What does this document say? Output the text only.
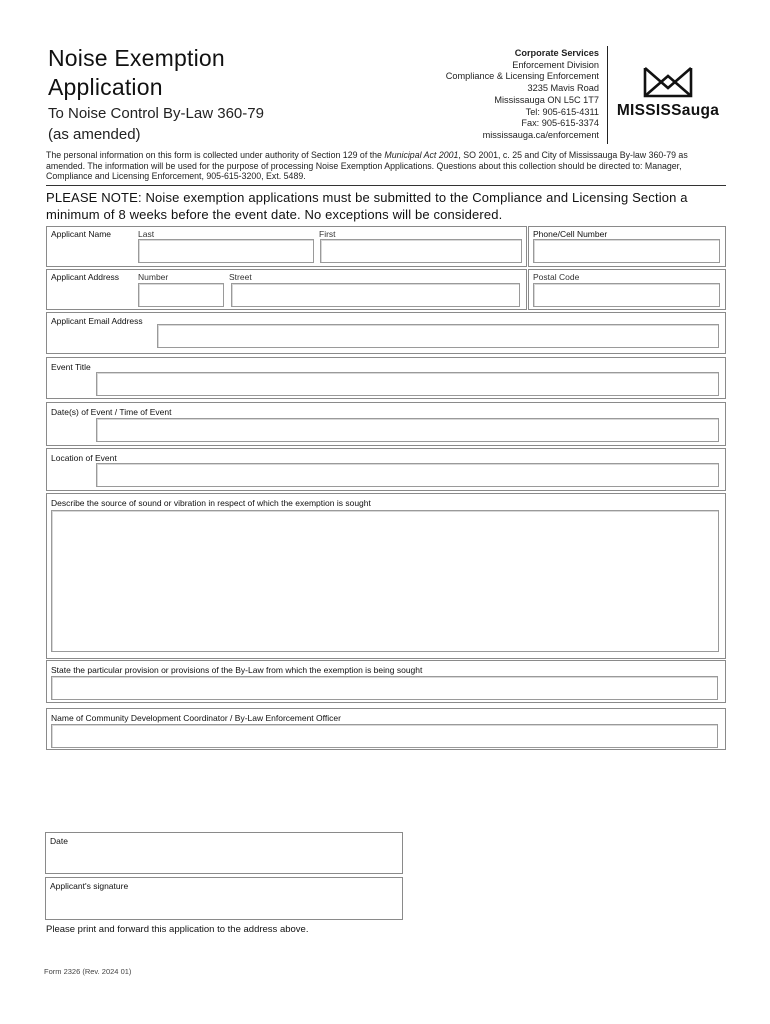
Noise Exemption
Application
To Noise Control By-Law 360-79
(as amended)
Corporate Services
Enforcement Division
Compliance & Licensing Enforcement
3235 Mavis Road
Mississauga ON L5C 1T7
Tel: 905-615-4311
Fax: 905-615-3374
mississauga.ca/enforcement
MISSISSauga
The personal information on this form is collected under authority of Section 129 of the Municipal Act 2001, SO 2001, c. 25 and City of Mississauga By-law 360-79 as amended. The information will be used for the purpose of processing Noise Exemption Applications. Questions about this collection should be directed to: Manager, Compliance and Licensing Enforcement, 905-615-3200, Ext. 5489.
PLEASE NOTE: Noise exemption applications must be submitted to the Compliance and Licensing Section a minimum of 8 weeks before the event date. No exceptions will be considered.
Applicant Name	Last	First	Phone/Cell Number
Applicant Address Number	Street	Postal Code
Applicant Email Address
Event Title
Date(s) of Event / Time of Event
Location of Event
Describe the source of sound or vibration in respect of which the exemption is sought
State the particular provision or provisions of the By-Law from which the exemption is being sought
Name of Community Development Coordinator / By-Law Enforcement Officer
Date
Applicant's signature
Please print and forward this application to the address above.
Form 2326 (Rev. 2024 01)
